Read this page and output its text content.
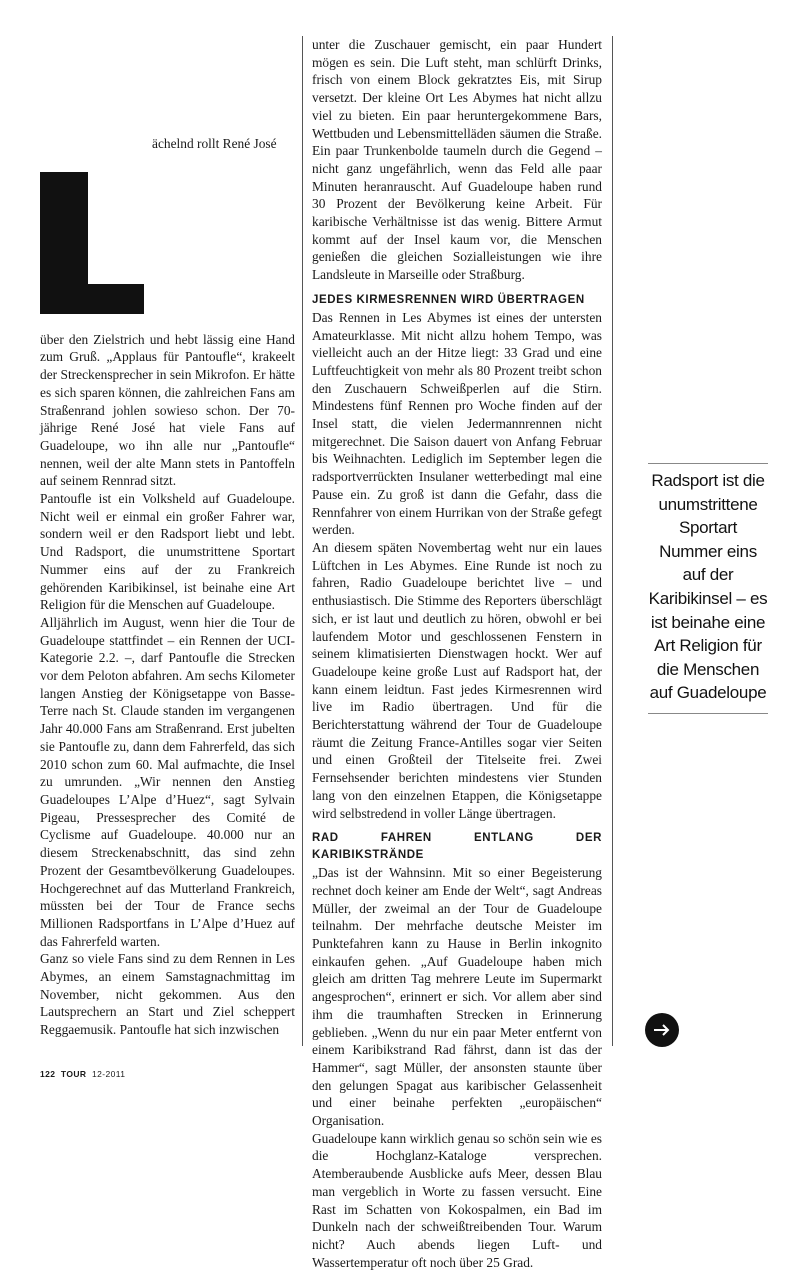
ächelnd rollt René José

über den Zielstrich und hebt lässig eine Hand zum Gruß. „Applaus für Pantoufle“, krakeelt der Streckensprecher in sein Mikrofon. Er hätte es sich sparen können, die zahlreichen Fans am Straßenrand johlen sowieso schon. Der 70-jährige René José hat viele Fans auf Guadeloupe, wo ihn alle nur „Pantoufle“ nennen, weil der alte Mann stets in Pantoffeln auf seinem Rennrad sitzt.

Pantoufle ist ein Volksheld auf Guadeloupe. Nicht weil er einmal ein großer Fahrer war, sondern weil er den Radsport liebt und lebt. Und Radsport, die unumstrittene Sportart Nummer eins auf der zu Frankreich gehörenden Karibikinsel, ist beinahe eine Art Religion für die Menschen auf Guadeloupe.

Alljährlich im August, wenn hier die Tour de Guadeloupe stattfindet – ein Rennen der UCI-Kategorie 2.2. –, darf Pantoufle die Strecken vor dem Peloton abfahren. Am sechs Kilometer langen Anstieg der Königsetappe von Basse-Terre nach St. Claude standen im vergangenen Jahr 40.000 Fans am Straßenrand. Erst jubelten sie Pantoufle zu, dann dem Fahrerfeld, das sich 2010 schon zum 60. Mal aufmachte, die Insel zu umrunden. „Wir nennen den Anstieg Guadeloupes L’Alpe d’Huez“, sagt Sylvain Pigeau, Pressesprecher des Comité de Cyclisme auf Guadeloupe. 40.000 nur an diesem Streckenabschnitt, das sind zehn Prozent der Gesamtbevölkerung Guadeloupes. Hochgerechnet auf das Mutterland Frankreich, müssten bei der Tour de France sechs Millionen Radsportfans in L’Alpe d’Huez auf das Fahrerfeld warten.

Ganz so viele Fans sind zu dem Rennen in Les Abymes, an einem Samstagnachmittag im November, nicht gekommen. Aus den Lautsprechern an Start und Ziel scheppert Reggaemusik. Pantoufle hat sich inzwischen

unter die Zuschauer gemischt, ein paar Hundert mögen es sein. Die Luft steht, man schlürft Drinks, frisch von einem Block gekratztes Eis, mit Sirup versetzt. Der kleine Ort Les Abymes hat nicht allzu viel zu bieten. Ein paar heruntergekommene Bars, Wettbuden und Lebensmittelläden säumen die Straße. Ein paar Trunkenbolde taumeln durch die Gegend – nicht ganz ungefährlich, wenn das Feld alle paar Minuten heranrauscht. Auf Guadeloupe haben rund 30 Prozent der Bevölkerung keine Arbeit. Für karibische Verhältnisse ist das wenig. Bittere Armut kommt auf der Insel kaum vor, die Menschen genießen die gleichen Sozialleistungen wie ihre Landsleute in Marseille oder Straßburg.

JEDES KIRMESRENNEN WIRD ÜBERTRAGEN

Das Rennen in Les Abymes ist eines der untersten Amateurklasse. Mit nicht allzu hohem Tempo, was vielleicht auch an der Hitze liegt: 33 Grad und eine Luftfeuchtigkeit von mehr als 80 Prozent treibt schon den Zuschauern Schweißperlen auf die Stirn. Mindestens fünf Rennen pro Woche finden auf der Insel statt, die vielen Jedermannrennen nicht mitgerechnet. Die Saison dauert von Anfang Februar bis Weihnachten. Lediglich im September legen die radsportverrückten Insulaner wetterbedingt mal eine Pause ein. Zu groß ist dann die Gefahr, dass die Rennfahrer von einem Hurrikan von der Straße gefegt werden.

An diesem späten Novembertag weht nur ein laues Lüftchen in Les Abymes. Eine Runde ist noch zu fahren, Radio Guadeloupe berichtet live – und enthusiastisch. Die Stimme des Reporters überschlägt sich, er ist laut und deutlich zu hören, obwohl er bei laufendem Motor und geschlossenen Fenstern in seinem klimatisierten Dienstwagen hockt. Wer auf Guadeloupe keine große Lust auf Radsport hat, der kann einem leidtun. Fast jedes Kirmesrennen wird live im Radio übertragen. Und für die Berichterstattung während der Tour de Guadeloupe räumt die Zeitung France-Antilles sogar vier Seiten und einen Großteil der Titelseite frei. Zwei Fernsehsender berichten mindestens vier Stunden lang von den einzelnen Etappen, die Königsetappe wird selbstredend in voller Länge übertragen.

RAD FAHREN ENTLANG DER KARIBIKSTRÄNDE

„Das ist der Wahnsinn. Mit so einer Begeisterung rechnet doch keiner am Ende der Welt“, sagt Andreas Müller, der zweimal an der Tour de Guadeloupe teilnahm. Der mehrfache deutsche Meister im Punktefahren kann zu Hause in Berlin inkognito einkaufen gehen. „Auf Guadeloupe haben mich gleich am dritten Tag mehrere Leute im Supermarkt angesprochen“, erinnert er sich. Vor allem aber sind ihm die traumhaften Strecken in Erinnerung geblieben. „Wenn du nur ein paar Meter entfernt von einem Karibikstrand Rad fährst, dann ist das der Hammer“, sagt Müller, der ansonsten staunte über den gelungen Spagat aus karibischer Gelassenheit und einer beinahe perfekten „europäischen“ Organisation.

Guadeloupe kann wirklich genau so schön sein wie es die Hochglanz-Kataloge versprechen. Atemberaubende Ausblicke aufs Meer, dessen Blau man vergeblich in Worte zu fassen versucht. Eine Rast im Schatten von Kokospalmen, ein Bad im Dunkeln nach der schweißtreibenden Tour. Warum nicht? Auch abends liegen Luft- und Wassertemperatur oft noch über 25 Grad.

Radsport ist die unumstrittene Sportart Nummer eins auf der Karibikinsel – es ist beinahe eine Art Religion für die Menschen auf Guadeloupe
122 TOUR 12-2011
